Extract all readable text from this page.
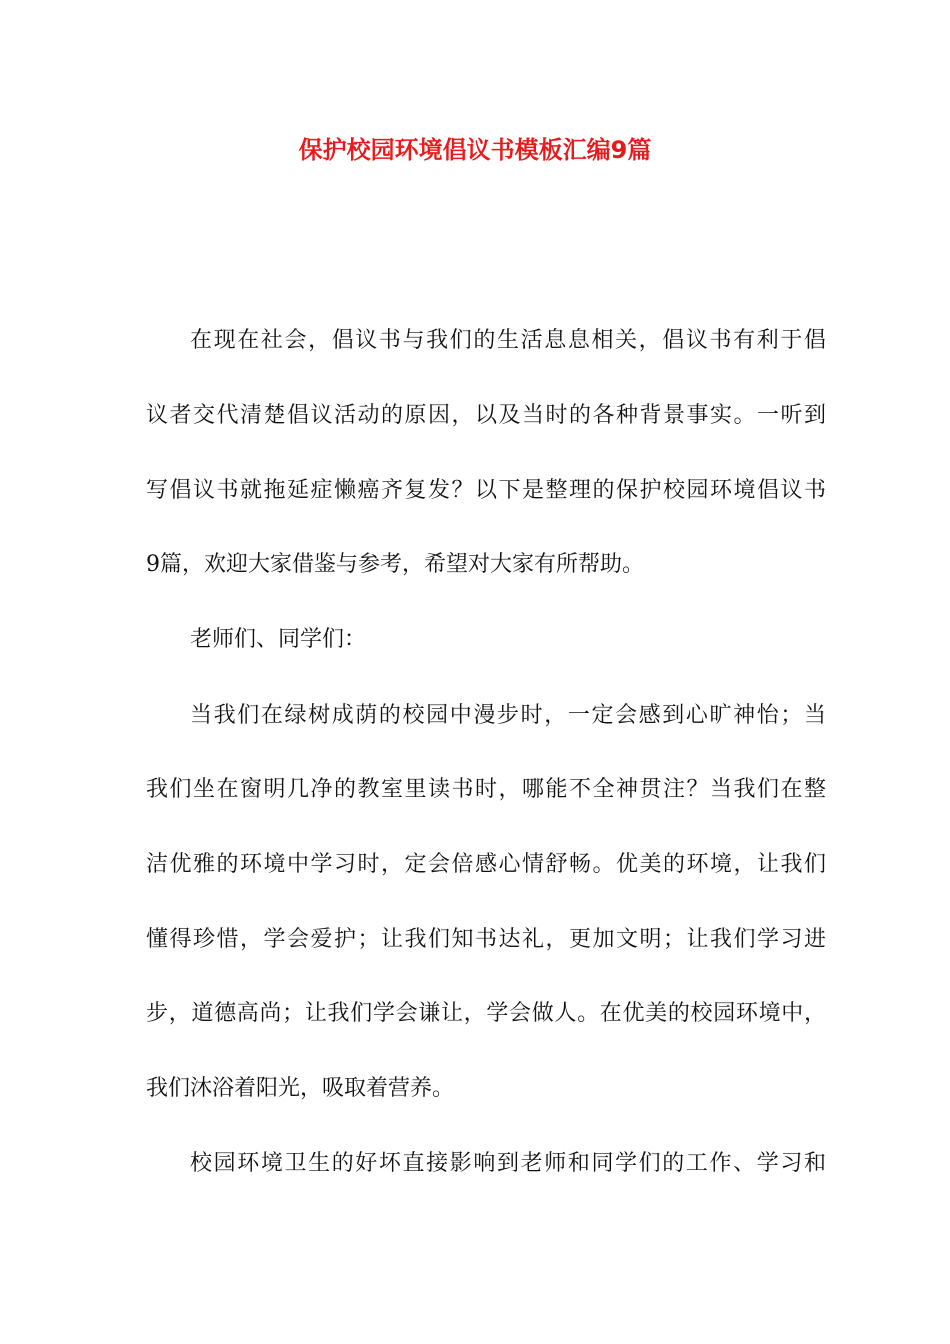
保护校园环境倡议书模板汇编9篇

在现在社会，倡议书与我们的生活息息相关，倡议书有利于倡

议者交代清楚倡议活动的原因，以及当时的各种背景事实。一听到

写倡议书就拖延症懒癌齐复发？以下是整理的保护校园环境倡议书

9篇，欢迎大家借鉴与参考，希望对大家有所帮助。

老师们、同学们：

当我们在绿树成荫的校园中漫步时，一定会感到心旷神怡；当

我们坐在窗明几净的教室里读书时，哪能不全神贯注？当我们在整

洁优雅的环境中学习时，定会倍感心情舒畅。优美的环境，让我们

懂得珍惜，学会爱护；让我们知书达礼，更加文明；让我们学习进

步，道德高尚；让我们学会谦让，学会做人。在优美的校园环境中，

我们沐浴着阳光，吸取着营养。

校园环境卫生的好坏直接影响到老师和同学们的工作、学习和
